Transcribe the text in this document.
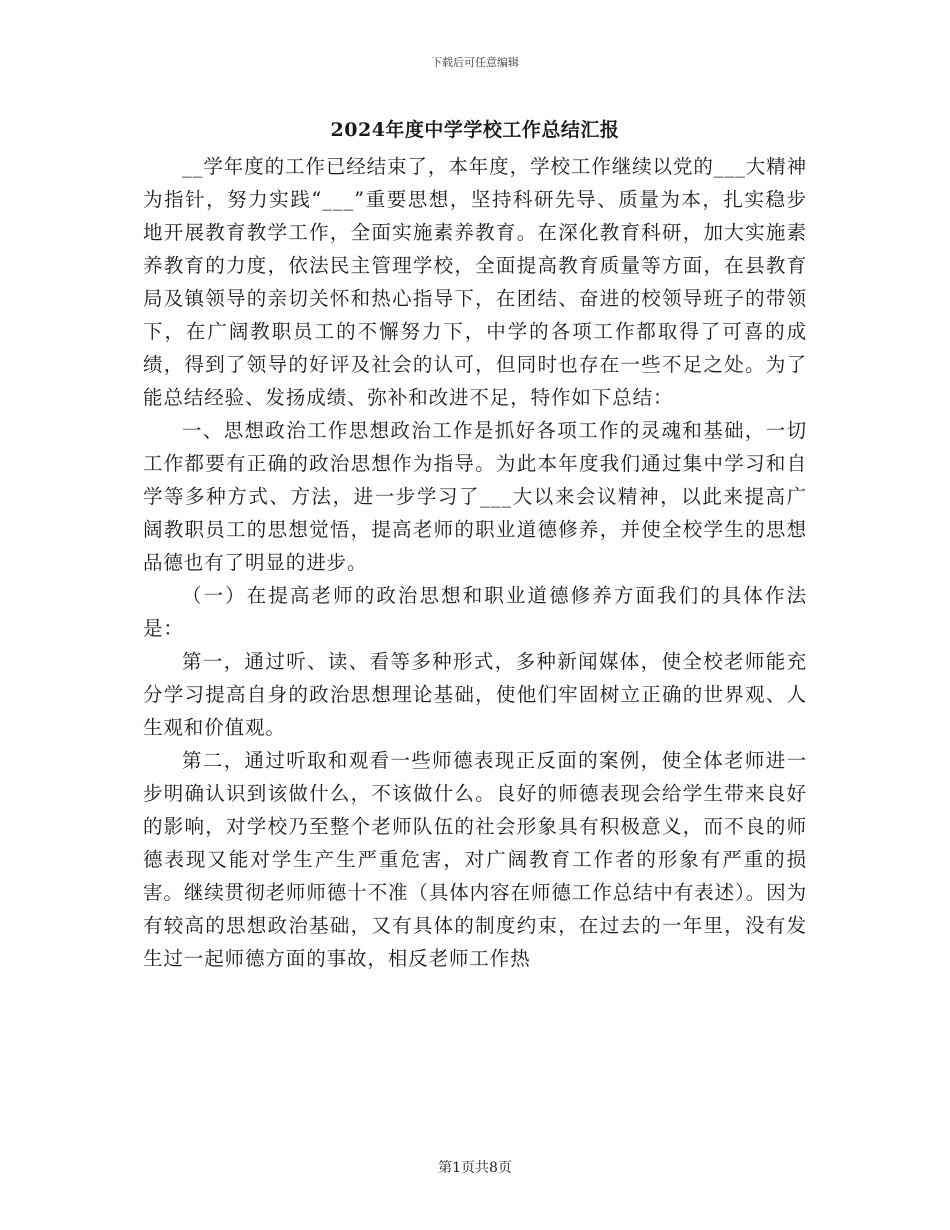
下载后可任意编辑
2024年度中学学校工作总结汇报

__学年度的工作已经结束了，本年度，学校工作继续以党的___大精神为指针，努力实践“___”重要思想，坚持科研先导、质量为本，扎实稳步地开展教育教学工作，全面实施素养教育。在深化教育科研，加大实施素养教育的力度，依法民主管理学校，全面提高教育质量等方面，在县教育局及镇领导的亲切关怀和热心指导下，在团结、奋进的校领导班子的带领下，在广阔教职员工的不懈努力下，中学的各项工作都取得了可喜的成绩，得到了领导的好评及社会的认可，但同时也存在一些不足之处。为了能总结经验、发扬成绩、弥补和改进不足，特作如下总结：

一、思想政治工作思想政治工作是抓好各项工作的灵魂和基础，一切工作都要有正确的政治思想作为指导。为此本年度我们通过集中学习和自学等多种方式、方法，进一步学习了___大以来会议精神，以此来提高广阔教职员工的思想觉悟，提高老师的职业道德修养，并使全校学生的思想品德也有了明显的进步。

（一）在提高老师的政治思想和职业道德修养方面我们的具体作法是：

第一，通过听、读、看等多种形式，多种新闻媒体，使全校老师能充分学习提高自身的政治思想理论基础，使他们牢固树立正确的世界观、人生观和价值观。

第二，通过听取和观看一些师德表现正反面的案例，使全体老师进一步明确认识到该做什么，不该做什么。良好的师德表现会给学生带来良好的影响，对学校乃至整个老师队伍的社会形象具有积极意义，而不良的师德表现又能对学生产生严重危害，对广阔教育工作者的形象有严重的损害。继续贯彻老师师德十不准（具体内容在师德工作总结中有表述）。因为有较高的思想政治基础，又有具体的制度约束，在过去的一年里，没有发生过一起师德方面的事故，相反老师工作热

第1页共8页
